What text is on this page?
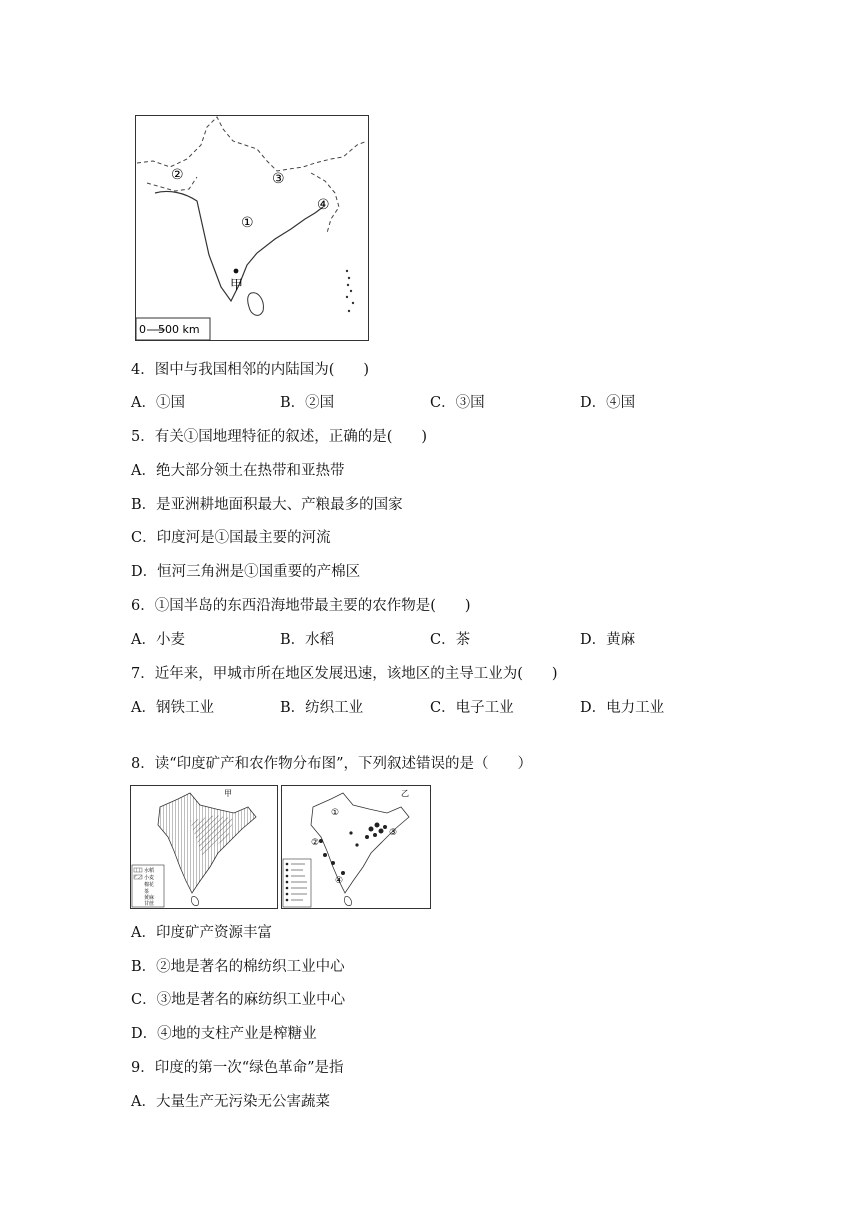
①
②	③
④
甲
0 500 km
4．图中与我国相邻的内陆国为(　　)
A．①国	B．②国	C．③国	D．④国
5．有关①国地理特征的叙述，正确的是(　　)
A．绝大部分领土在热带和亚热带
B．是亚洲耕地面积最大、产粮最多的国家
C．印度河是①国最主要的河流
D．恒河三角洲是①国重要的产棉区
6．①国半岛的东西沿海地带最主要的农作物是(　　)
A．小麦	B．水稻	C．茶	D．黄麻
7．近年来，甲城市所在地区发展迅速，该地区的主导工业为(　　)
A．钢铁工业	B．纺织工业	C．电子工业	D．电力工业
8．读“印度矿产和农作物分布图”，下列叙述错误的是（　　）
甲
水稻
小麦
棉花
茶
黄麻
甘蔗
乙
①
②
③
④
A．印度矿产资源丰富
B．②地是著名的棉纺织工业中心
C．③地是著名的麻纺织工业中心
D．④地的支柱产业是榨糖业
9．印度的第一次“绿色革命”是指
A．大量生产无污染无公害蔬菜
